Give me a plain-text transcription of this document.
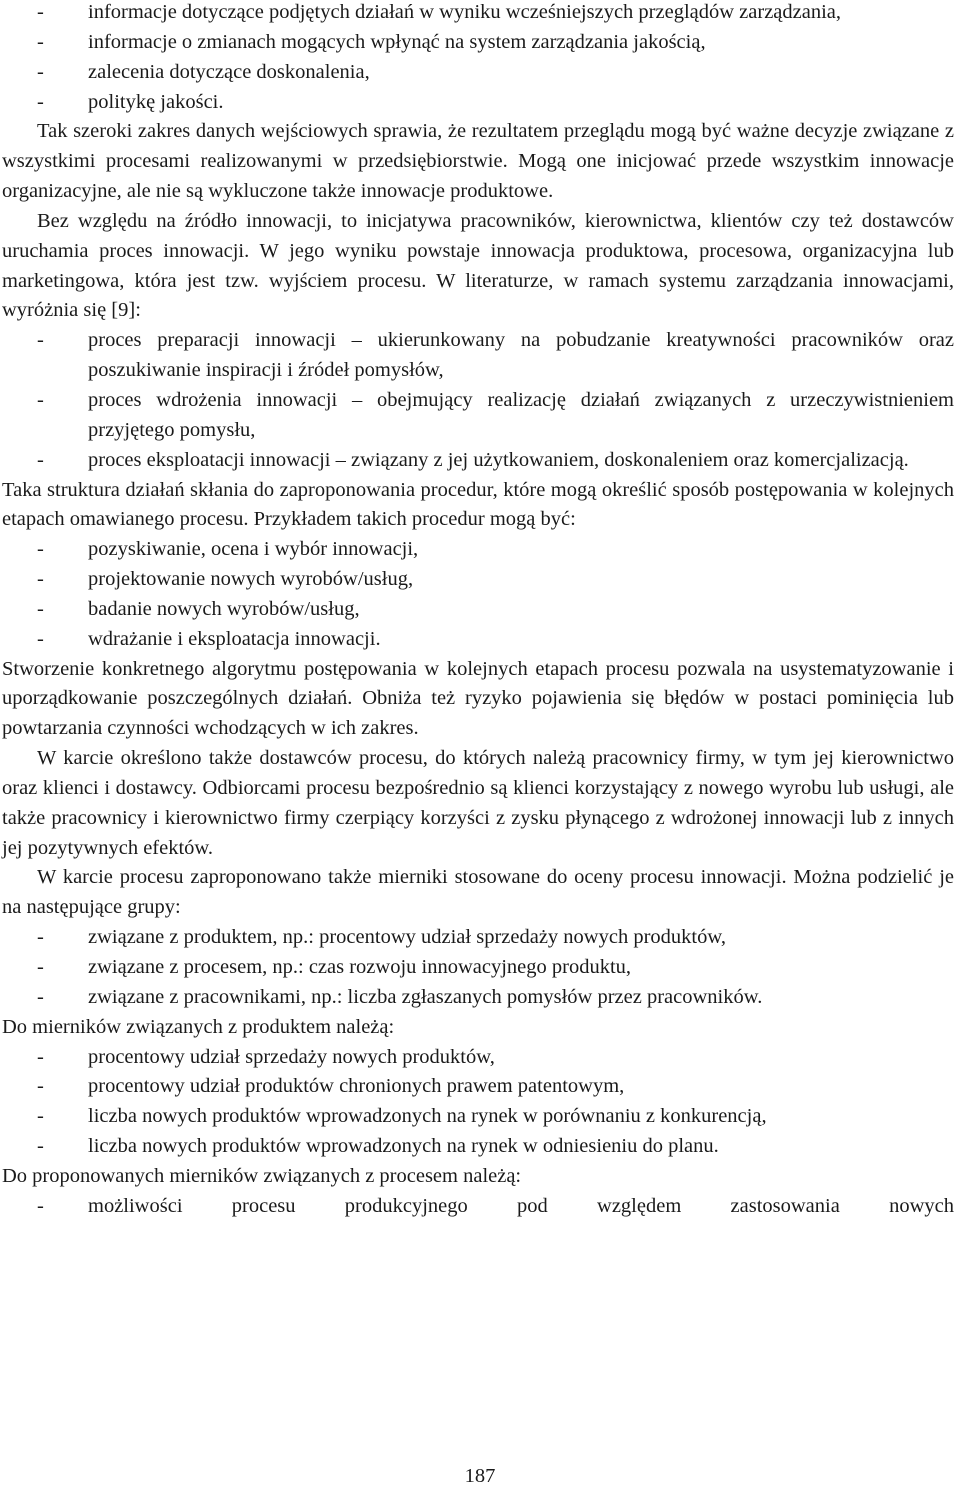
-	informacje dotyczące podjętych działań w wyniku wcześniejszych przeglądów zarządzania,
-	informacje o zmianach mogących wpłynąć na system zarządzania jakością,
-	zalecenia dotyczące doskonalenia,
-	politykę jakości.

Tak szeroki zakres danych wejściowych sprawia, że rezultatem przeglądu mogą być ważne decyzje związane z wszystkimi procesami realizowanymi w przedsiębiorstwie. Mogą one inicjować przede wszystkim innowacje organizacyjne, ale nie są wykluczone także innowacje produktowe.

Bez względu na źródło innowacji, to inicjatywa pracowników, kierownictwa, klientów czy też dostawców uruchamia proces innowacji. W jego wyniku powstaje innowacja produktowa, procesowa, organizacyjna lub marketingowa, która jest tzw. wyjściem procesu. W literaturze, w ramach systemu zarządzania innowacjami, wyróżnia się [9]:

-	proces preparacji innowacji – ukierunkowany na pobudzanie kreatywności pracowników oraz poszukiwanie inspiracji i źródeł pomysłów,
-	proces wdrożenia innowacji – obejmujący realizację działań związanych z urzeczywistnieniem przyjętego pomysłu,
-	proces eksploatacji innowacji – związany z jej użytkowaniem, doskonaleniem oraz komercjalizacją.

Taka struktura działań skłania do zaproponowania procedur, które mogą określić sposób postępowania w kolejnych etapach omawianego procesu. Przykładem takich procedur mogą być:

-	pozyskiwanie, ocena i wybór innowacji,
-	projektowanie nowych wyrobów/usług,
-	badanie nowych wyrobów/usług,
-	wdrażanie i eksploatacja innowacji.

Stworzenie konkretnego algorytmu postępowania w kolejnych etapach procesu pozwala na usystematyzowanie i uporządkowanie poszczególnych działań. Obniża też ryzyko pojawienia się błędów w postaci pominięcia lub powtarzania czynności wchodzących w ich zakres.

W karcie określono także dostawców procesu, do których należą pracownicy firmy, w tym jej kierownictwo oraz klienci i dostawcy. Odbiorcami procesu bezpośrednio są klienci korzystający z nowego wyrobu lub usługi, ale także pracownicy i kierownictwo firmy czerpiący korzyści z zysku płynącego z wdrożonej innowacji lub z innych jej pozytywnych efektów.

W karcie procesu zaproponowano także mierniki stosowane do oceny procesu innowacji. Można podzielić je na następujące grupy:

-	związane z produktem, np.: procentowy udział sprzedaży nowych produktów,
-	związane z procesem, np.: czas rozwoju innowacyjnego produktu,
-	związane z pracownikami, np.: liczba zgłaszanych pomysłów przez pracowników.

Do mierników związanych z produktem należą:

-	procentowy udział sprzedaży nowych produktów,
-	procentowy udział produktów chronionych prawem patentowym,
-	liczba nowych produktów wprowadzonych na rynek w porównaniu z konkurencją,
-	liczba nowych produktów wprowadzonych na rynek w odniesieniu do planu.

Do proponowanych mierników związanych z procesem należą:

-	możliwości procesu produkcyjnego pod względem zastosowania nowych
187
